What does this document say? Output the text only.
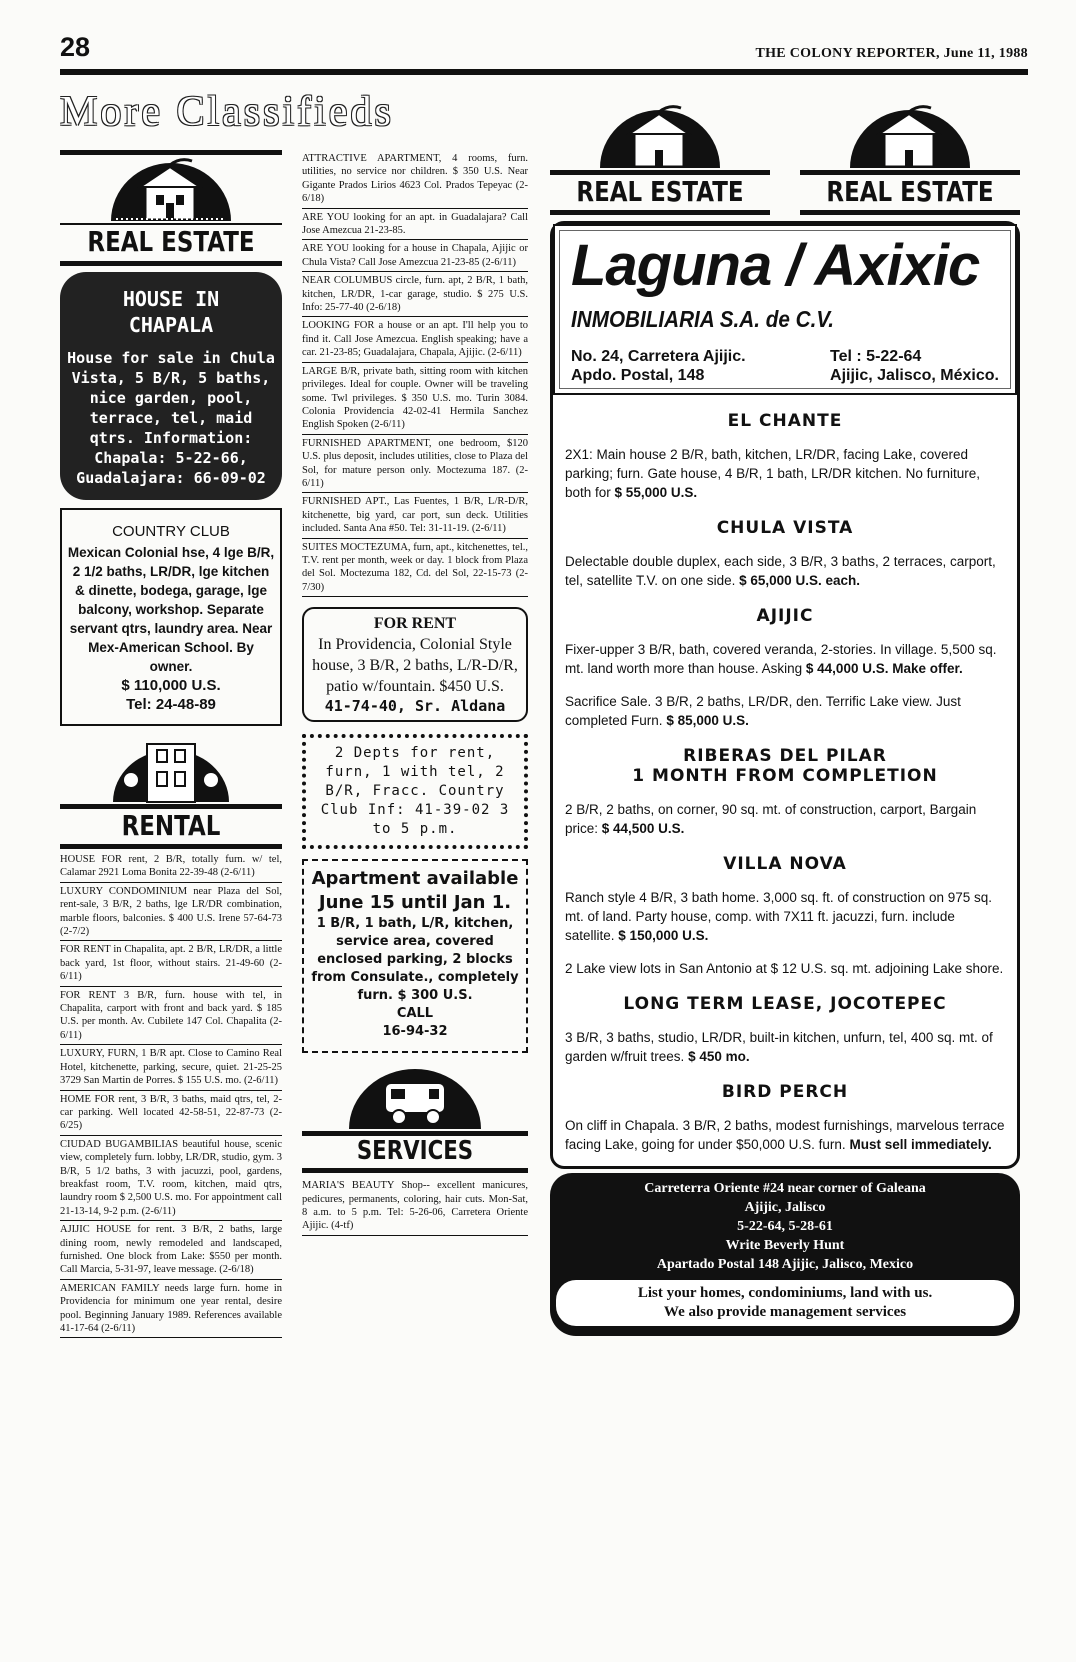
28	THE COLONY REPORTER, June 11, 1988
More Classifieds
REAL ESTATE
HOUSE IN
CHAPALA
House for sale in Chula Vista, 5 B/R, 5 baths, nice garden, pool, terrace, tel, maid qtrs. Information: Chapala: 5-22-66, Guadalajara: 66-09-02
COUNTRY CLUB
Mexican Colonial hse, 4 lge B/R, 2 1/2 baths, LR/DR, lge kitchen & dinette, bodega, garage, lge balcony, workshop. Separate servant qtrs, laundry area. Near Mex-American School. By owner.
$ 110,000 U.S.
Tel: 24-48-89
RENTAL
HOUSE FOR rent, 2 B/R, totally furn. w/ tel, Calamar 2921 Loma Bonita 22-39-48 (2-6/11)
LUXURY CONDOMINIUM near Plaza del Sol, rent-sale, 3 B/R, 2 baths, lge LR/DR combination, marble floors, balconies. $ 400 U.S. Irene 57-64-73 (2-7/2)
FOR RENT in Chapalita, apt. 2 B/R, LR/DR, a little back yard, 1st floor, without stairs. 21-49-60 (2-6/11)
FOR RENT 3 B/R, furn. house with tel, in Chapalita, carport with front and back yard. $ 185 U.S. per month. Av. Cubilete 147 Col. Chapalita (2-6/11)
LUXURY, FURN, 1 B/R apt. Close to Camino Real Hotel, kitchenette, parking, secure, quiet. 21-25-25 3729 San Martin de Porres. $ 155 U.S. mo. (2-6/11)
HOME FOR rent, 3 B/R, 3 baths, maid qtrs, tel, 2-car parking. Well located 42-58-51, 22-87-73 (2-6/25)
CIUDAD BUGAMBILIAS beautiful house, scenic view, completely furn. lobby, LR/DR, studio, gym. 3 B/R, 5 1/2 baths, 3 with jacuzzi, pool, gardens, breakfast room, T.V. room, kitchen, maid qtrs, laundry room $ 2,500 U.S. mo. For appointment call 21-13-14, 9-2 p.m. (2-6/11)
AJIJIC HOUSE for rent. 3 B/R, 2 baths, large dining room, newly remodeled and landscaped, furnished. One block from Lake: $550 per month. Call Marcia, 5-31-97, leave message. (2-6/18)
AMERICAN FAMILY needs large furn. home in Providencia for minimum one year rental, desire pool. Beginning January 1989. References available 41-17-64 (2-6/11)
ATTRACTIVE APARTMENT, 4 rooms, furn. utilities, no service nor children. $ 350 U.S. Near Gigante Prados Lirios 4623 Col. Prados Tepeyac (2-6/18)
ARE YOU looking for an apt. in Guadalajara? Call Jose Amezcua 21-23-85.
ARE YOU looking for a house in Chapala, Ajijic or Chula Vista? Call Jose Amezcua 21-23-85 (2-6/11)
NEAR COLUMBUS circle, furn. apt, 2 B/R, 1 bath, kitchen, LR/DR, 1-car garage, studio. $ 275 U.S. Info: 25-77-40 (2-6/18)
LOOKING FOR a house or an apt. I'll help you to find it. Call Jose Amezcua. English speaking; have a car. 21-23-85; Guadalajara, Chapala, Ajijic. (2-6/11)
LARGE B/R, private bath, sitting room with kitchen privileges. Ideal for couple. Owner will be traveling some. Twl privileges. $ 350 U.S. mo. Turin 3084. Colonia Providencia 42-02-41 Hermila Sanchez English Spoken (2-6/11)
FURNISHED APARTMENT, one bedroom, $120 U.S. plus deposit, includes utilities, close to Plaza del Sol, for mature person only. Moctezuma 187. (2-6/11)
FURNISHED APT., Las Fuentes, 1 B/R, L/R-D/R, kitchenette, big yard, car port, sun deck. Utilities included. Santa Ana #50. Tel: 31-11-19. (2-6/11)
SUITES MOCTEZUMA, furn, apt., kitchenettes, tel., T.V. rent per month, week or day. 1 block from Plaza del Sol. Moctezuma 182, Cd. del Sol, 22-15-73 (2-7/30)
FOR RENT
In Providencia, Colonial Style house, 3 B/R, 2 baths, L/R-D/R, patio w/fountain. $450 U.S.
41-74-40, Sr. Aldana
2 Depts for rent, furn, 1 with tel, 2 B/R, Fracc. Country Club Inf: 41-39-02 3 to 5 p.m.
Apartment available June 15 until Jan 1.
1 B/R, 1 bath, L/R, kitchen, service area, covered enclosed parking, 2 blocks from Consulate., completely furn. $ 300 U.S.
CALL
16-94-32
SERVICES
MARIA'S BEAUTY Shop-- excellent manicures, pedicures, permanents, coloring, hair cuts. Mon-Sat, 8 a.m. to 5 p.m. Tel: 5-26-06, Carretera Oriente Ajijic. (4-tf)
REAL ESTATE	REAL ESTATE
Laguna / Axixic
INMOBILIARIA S.A. de C.V.
No. 24, Carretera Ajijic.
Apdo. Postal, 148
Tel : 5-22-64
Ajijic, Jalisco, México.
EL CHANTE
2X1: Main house 2 B/R, bath, kitchen, LR/DR, facing Lake, covered parking; furn. Gate house, 4 B/R, 1 bath, LR/DR kitchen. No furniture, both for $ 55,000 U.S.
CHULA VISTA
Delectable double duplex, each side, 3 B/R, 3 baths, 2 terraces, carport, tel, satellite T.V. on one side. $ 65,000 U.S. each.
AJIJIC
Fixer-upper 3 B/R, bath, covered veranda, 2-stories. In village. 5,500 sq. mt. land worth more than house. Asking $ 44,000 U.S. Make offer.
Sacrifice Sale. 3 B/R, 2 baths, LR/DR, den. Terrific Lake view. Just completed Furn. $ 85,000 U.S.
RIBERAS DEL PILAR
1 MONTH FROM COMPLETION
2 B/R, 2 baths, on corner, 90 sq. mt. of construction, carport, Bargain price: $ 44,500 U.S.
VILLA NOVA
Ranch style 4 B/R, 3 bath home. 3,000 sq. ft. of construction on 975 sq. mt. of land. Party house, comp. with 7X11 ft. jacuzzi, furn. include satellite. $ 150,000 U.S.
2 Lake view lots in San Antonio at $ 12 U.S. sq. mt. adjoining Lake shore.
LONG TERM LEASE, JOCOTEPEC
3 B/R, 3 baths, studio, LR/DR, built-in kitchen, unfurn, tel, 400 sq. mt. of garden w/fruit trees. $ 450 mo.
BIRD PERCH
On cliff in Chapala. 3 B/R, 2 baths, modest furnishings, marvelous terrace facing Lake, going for under $50,000 U.S. furn. Must sell immediately.
Carreterra Oriente #24 near corner of Galeana
Ajijic, Jalisco
5-22-64, 5-28-61
Write Beverly Hunt
Apartado Postal 148 Ajijic, Jalisco, Mexico
List your homes, condominiums, land with us.
We also provide management services
